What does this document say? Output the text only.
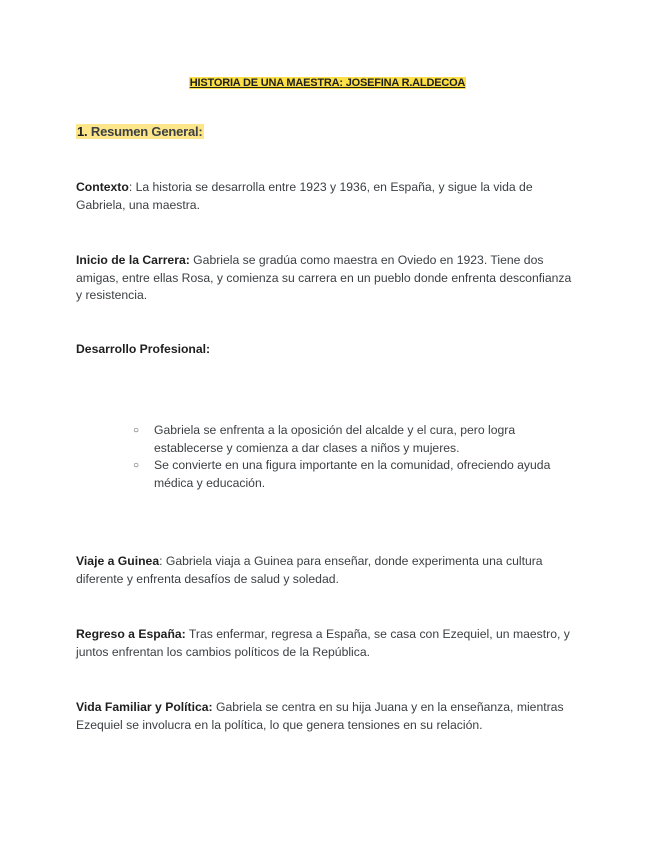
HISTORIA DE UNA MAESTRA: JOSEFINA R.ALDECOA
1. Resumen General:
Contexto: La historia se desarrolla entre 1923 y 1936, en España, y sigue la vida de Gabriela, una maestra.
Inicio de la Carrera: Gabriela se gradúa como maestra en Oviedo en 1923. Tiene dos amigas, entre ellas Rosa, y comienza su carrera en un pueblo donde enfrenta desconfianza y resistencia.
Desarrollo Profesional:
○ Gabriela se enfrenta a la oposición del alcalde y el cura, pero logra establecerse y comienza a dar clases a niños y mujeres.
○ Se convierte en una figura importante en la comunidad, ofreciendo ayuda médica y educación.
Viaje a Guinea: Gabriela viaja a Guinea para enseñar, donde experimenta una cultura diferente y enfrenta desafíos de salud y soledad.
Regreso a España: Tras enfermar, regresa a España, se casa con Ezequiel, un maestro, y juntos enfrentan los cambios políticos de la República.
Vida Familiar y Política: Gabriela se centra en su hija Juana y en la enseñanza, mientras Ezequiel se involucra en la política, lo que genera tensiones en su relación.
